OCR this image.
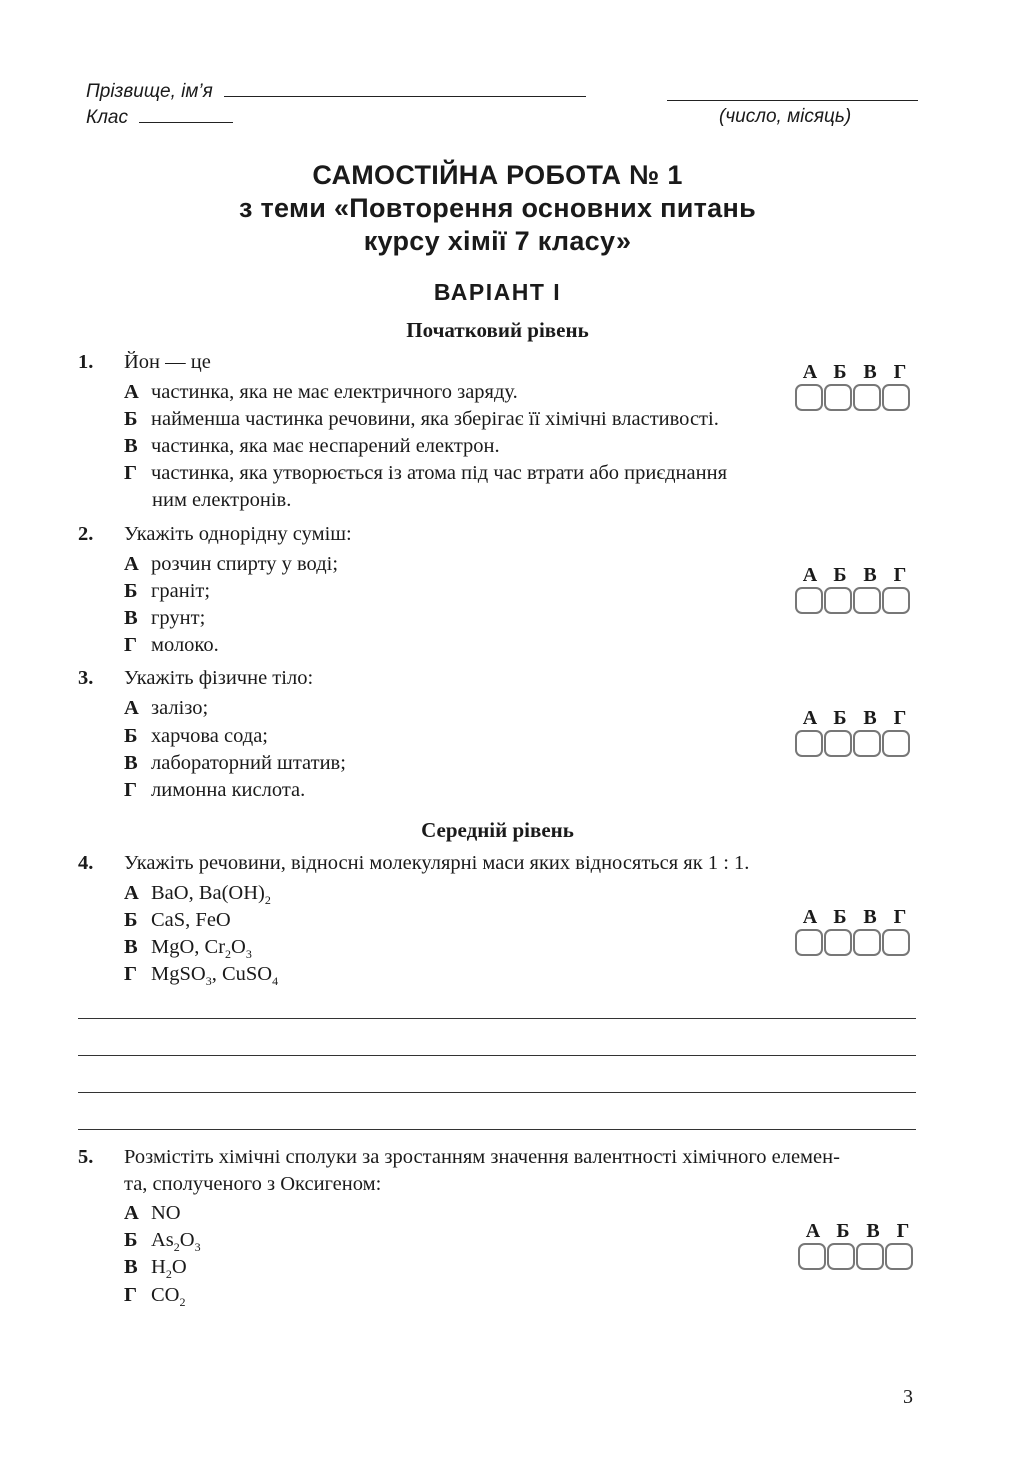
Прізвище, ім’я
Клас	(число, місяць)
САМОСТІЙНА РОБОТА № 1
з теми «Повторення основних питань
курсу хімії 7 класу»
ВАРІАНТ I
Початковий рівень
1. Йон — це
А частинка, яка не має електричного заряду.
Б найменша частинка речовини, яка зберігає її хімічні властивості.
В частинка, яка має неспарений електрон.
Г частинка, яка утворюється із атома під час втрати або приєднання
ним електронів.
А Б В Г
2. Укажіть однорідну суміш:
А розчин спирту у воді;
Б граніт;
В грунт;
Г молоко.
А Б В Г
3. Укажіть фізичне тіло:
А залізо;
Б харчова сода;
В лабораторний штатив;
Г лимонна кислота.
А Б В Г
Середній рівень
4. Укажіть речовини, відносні молекулярні маси яких відносяться як 1 : 1.
А BaO, $Ba(OH)_2$
Б CaS, FeO
В MgO, $Cr_2O_3$
Г MgSO$_3$, CuSO$_4$
А Б В Г
5. Розмістіть хімічні сполуки за зростанням значення валентності хімічного елемен-
та, сполученого з Оксигеном:
А NO
Б $As_2O_3$
В $H_2O$
Г $CO_2$
А Б В Г
3
